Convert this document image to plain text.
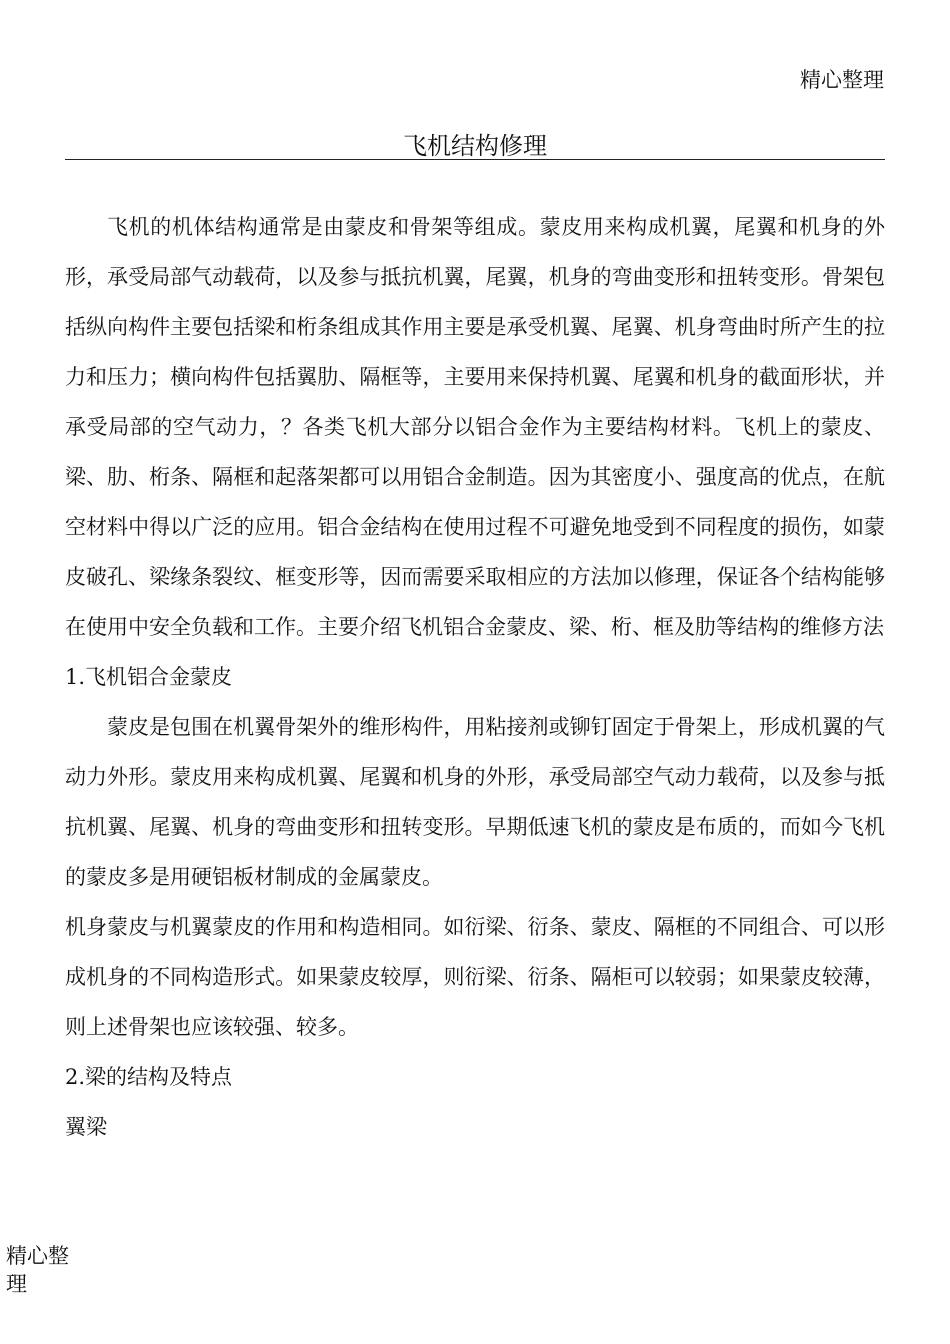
精心整理
飞机结构修理

飞机的机体结构通常是由蒙皮和骨架等组成。蒙皮用来构成机翼，尾翼和机身的外形，承受局部气动载荷，以及参与抵抗机翼，尾翼，机身的弯曲变形和扭转变形。骨架包括纵向构件主要包括梁和桁条组成其作用主要是承受机翼、尾翼、机身弯曲时所产生的拉力和压力；横向构件包括翼肋、隔框等，主要用来保持机翼、尾翼和机身的截面形状，并承受局部的空气动力，？各类飞机大部分以铝合金作为主要结构材料。飞机上的蒙皮、梁、肋、桁条、隔框和起落架都可以用铝合金制造。因为其密度小、强度高的优点，在航空材料中得以广泛的应用。铝合金结构在使用过程不可避免地受到不同程度的损伤，如蒙皮破孔、梁缘条裂纹、框变形等，因而需要采取相应的方法加以修理，保证各个结构能够在使用中安全负载和工作。主要介绍飞机铝合金蒙皮、梁、桁、框及肋等结构的维修方法

1.飞机铝合金蒙皮

蒙皮是包围在机翼骨架外的维形构件，用粘接剂或铆钉固定于骨架上，形成机翼的气动力外形。蒙皮用来构成机翼、尾翼和机身的外形，承受局部空气动力载荷，以及参与抵抗机翼、尾翼、机身的弯曲变形和扭转变形。早期低速飞机的蒙皮是布质的，而如今飞机的蒙皮多是用硬铝板材制成的金属蒙皮。

机身蒙皮与机翼蒙皮的作用和构造相同。如衍梁、衍条、蒙皮、隔框的不同组合、可以形成机身的不同构造形式。如果蒙皮较厚，则衍梁、衍条、隔柜可以较弱；如果蒙皮较薄，则上述骨架也应该较强、较多。

2.梁的结构及特点

翼梁

精心整理
